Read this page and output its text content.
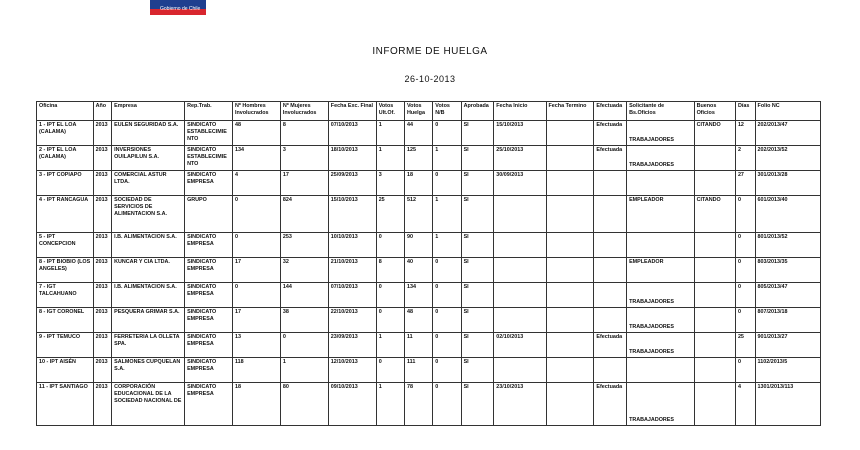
Gobierno de Chile
INFORME DE HUELGA
26-10-2013
Oficina	Año	Empresa	Rep.Trab.	Nº Hombres Involucrados	Nº Mujeres Involucrados	Fecha Exc. Final	Votos Ult.Of.	Votos Huelga	Votos N/B	Aprobada	Fecha Inicio	Fecha Termino	Efectuada	Solicitante de Bs.Oficios	Buenos Oficios	Días	Folio NC
1 - IPT EL LOA (CALAMA)	2013	EULEN SEGURIDAD S.A.	SINDICATO ESTABLECIMIENTO	48	8	07/10/2013	1	44	0	SI	15/10/2013		Efectuada	TRABAJADORES	CITANDO	12	202/2013/47
2 - IPT EL LOA (CALAMA)	2013	INVERSIONES OUILAPILUN S.A.	SINDICATO ESTABLECIMIENTO	134	3	18/10/2013	1	125	1	SI	25/10/2013		Efectuada	TRABAJADORES		2	202/2013/52
3 - IPT COPIAPO	2013	COMERCIAL ASTUR LTDA.	SINDICATO EMPRESA	4	17	25/09/2013	3	18	0	SI	30/09/2013					27	301/2013/28
4 - IPT RANCAGUA	2013	SOCIEDAD DE SERVICIOS DE ALIMENTACION S.A.	GRUPO	0	824	15/10/2013	25	512	1	SI				EMPLEADOR	CITANDO	0	601/2013/40
5 - IPT CONCEPCION	2013	I.B. ALIMENTACION S.A.	SINDICATO EMPRESA	0	253	10/10/2013	0	90	1	SI						0	801/2013/52
8 - IPT BIOBIO (LOS ANGELES)	2013	KUNCAR Y CIA LTDA.	SINDICATO EMPRESA	17	32	21/10/2013	8	40	0	SI				EMPLEADOR		0	803/2013/35
7 - IGT TALCAHUANO	2013	I.B. ALIMENTACION S.A.	SINDICATO EMPRESA	0	144	07/10/2013	0	134	0	SI				TRABAJADORES		0	805/2013/47
8 - IGT CORONEL	2013	PESQUERA GRIMAR S.A.	SINDICATO EMPRESA	17	38	22/10/2013	0	48	0	SI				TRABAJADORES		0	807/2013/18
9 - IPT TEMUCO	2013	FERRETERIA LA OLLETA SPA.	SINDICATO EMPRESA	13	0	23/09/2013	1	11	0	SI	02/10/2013		Efectuada	TRABAJADORES		25	901/2013/27
10 - IPT AISÉN	2013	SALMONES CUPQUELAN S.A.	SINDICATO EMPRESA	118	1	12/10/2013	0	111	0	SI						0	1102/2013/5
11 - IPT SANTIAGO	2013	CORPORACIÓN EDUCACIONAL DE LA SOCIEDAD NACIONAL DE	SINDICATO EMPRESA	18	80	09/10/2013	1	78	0	SI	23/10/2013		Efectuada	TRABAJADORES		4	1301/2013/113
